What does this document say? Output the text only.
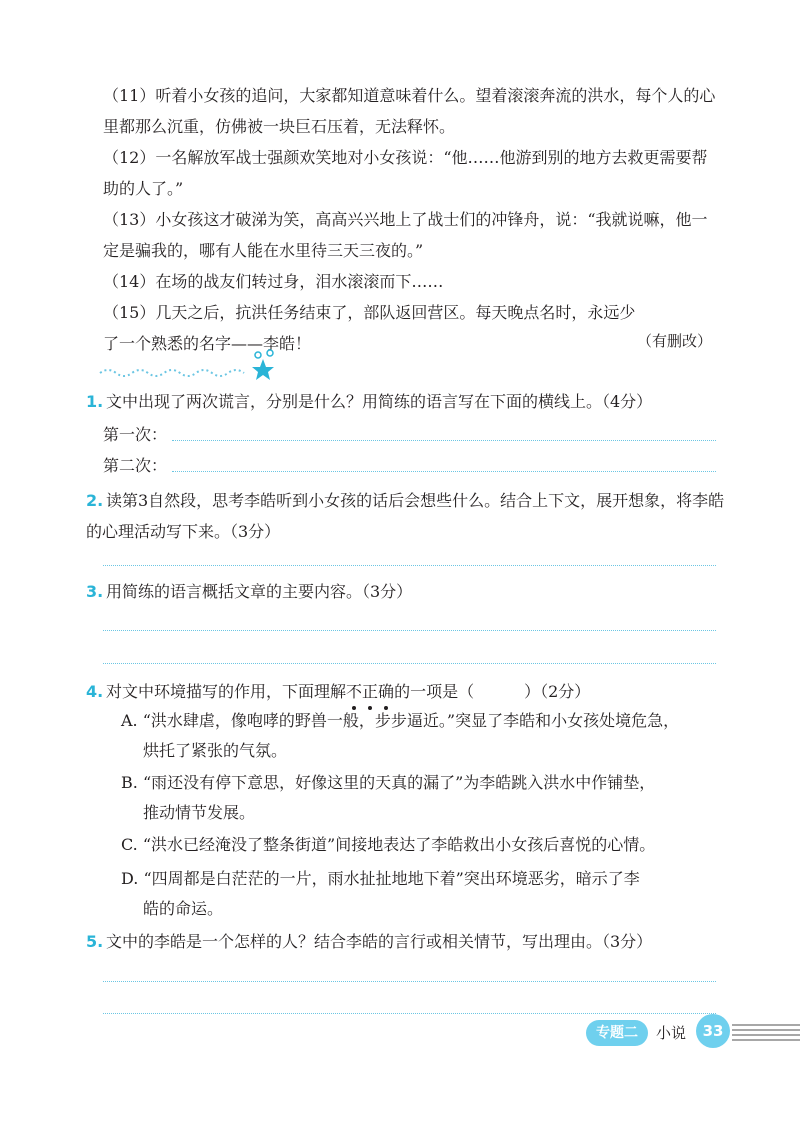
（11）听着小女孩的追问，大家都知道意味着什么。望着滚滚奔流的洪水，每个人的心里都那么沉重，仿佛被一块巨石压着，无法释怀。

（12）一名解放军战士强颜欢笑地对小女孩说：“他……他游到别的地方去救更需要帮助的人了。”

（13）小女孩这才破涕为笑，高高兴兴地上了战士们的冲锋舟，说：“我就说嘛，他一定是骗我的，哪有人能在水里待三天三夜的。”

（14）在场的战友们转过身，泪水滚滚而下……

（15）几天之后，抗洪任务结束了，部队返回营区。每天晚点名时，永远少了一个熟悉的名字——李皓！	（有删改）
1. 文中出现了两次谎言，分别是什么？用简练的语言写在下面的横线上。（4分）
第一次：
第二次：
2. 读第3自然段，思考李皓听到小女孩的话后会想些什么。结合上下文，展开想象，将李皓的心理活动写下来。（3分）
3. 用简练的语言概括文章的主要内容。（3分）
4. 对文中环境描写的作用，下面理解不正确的一项是（	）（2分）
A. “洪水肆虐，像咆哮的野兽一般，步步逼近。”突显了李皓和小女孩处境危急，
烘托了紧张的气氛。
B. “雨还没有停下意思，好像这里的天真的漏了”为李皓跳入洪水中作铺垫，
推动情节发展。
C. “洪水已经淹没了整条街道”间接地表达了李皓救出小女孩后喜悦的心情。
D. “四周都是白茫茫的一片，雨水扯扯地地下着”突出环境恶劣，暗示了李
皓的命运。
5. 文中的李皓是一个怎样的人？结合李皓的言行或相关情节，写出理由。（3分）
专题二	小说	33
